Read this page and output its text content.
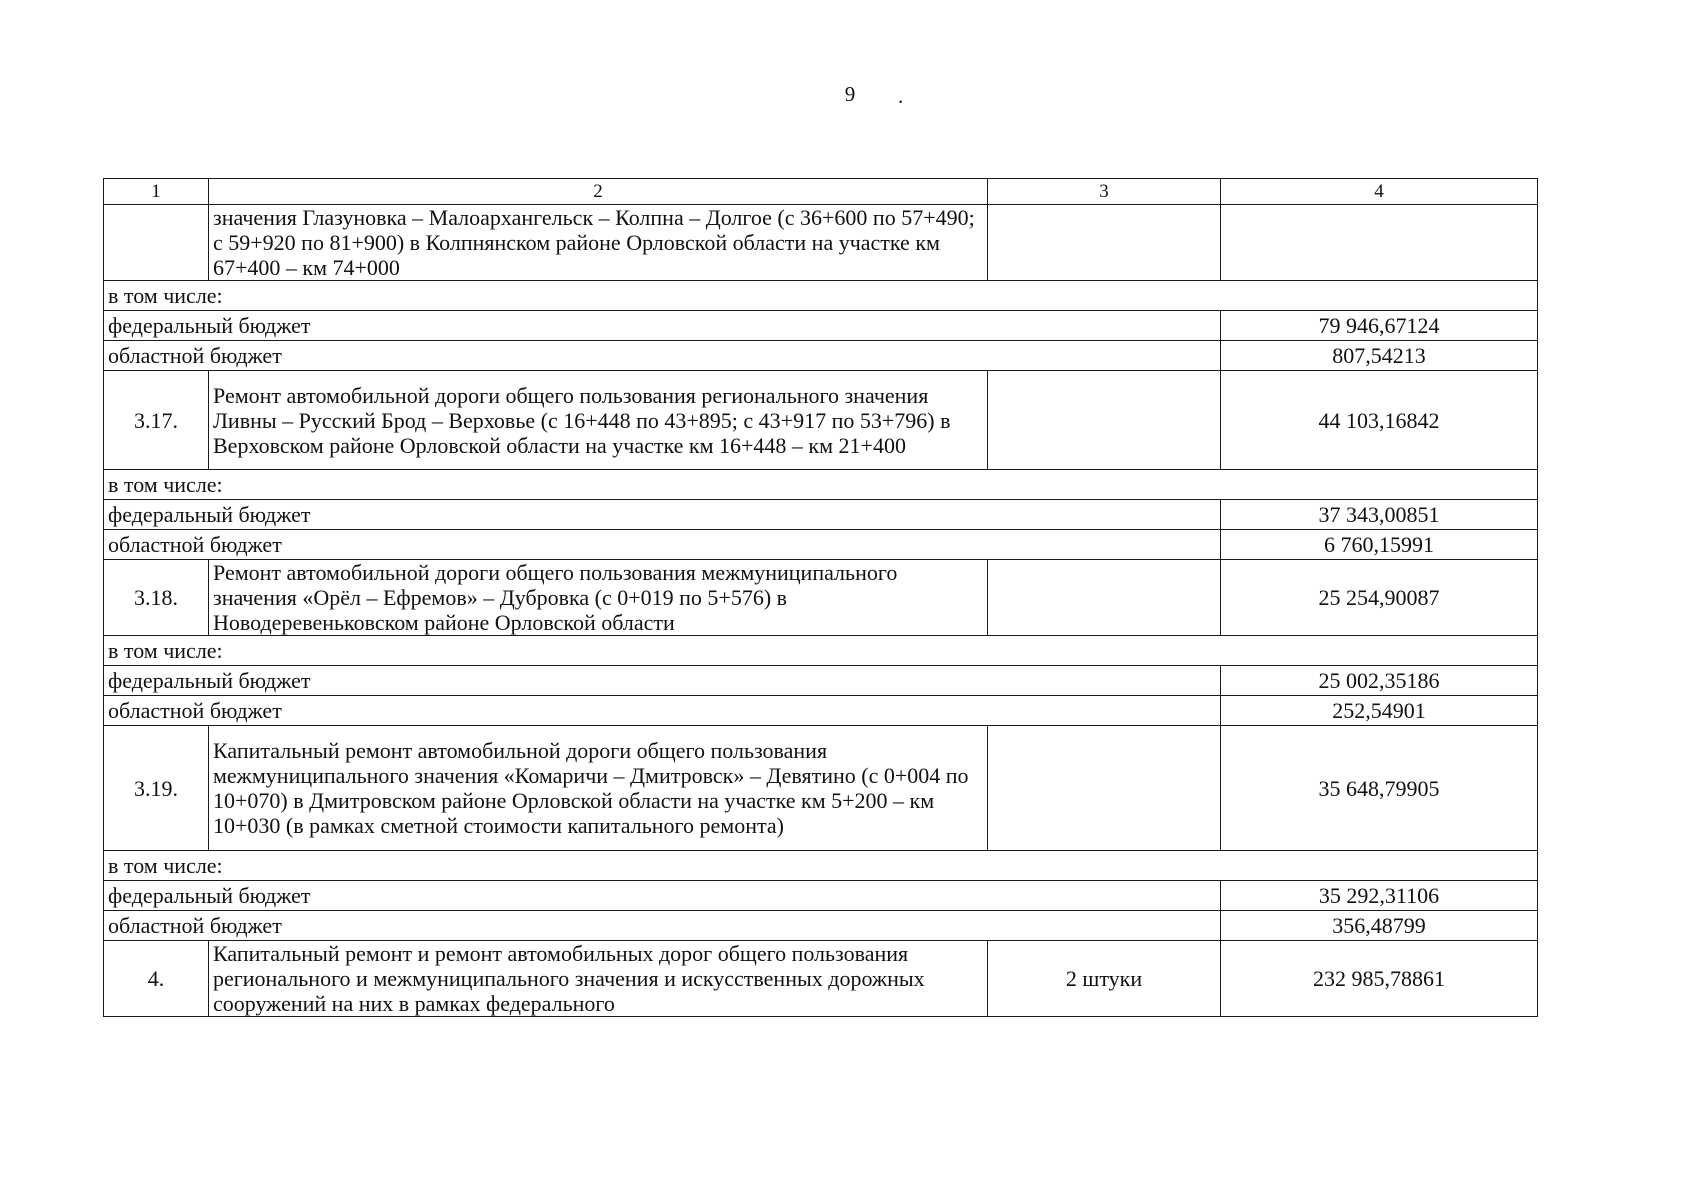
9	.
1	2	3	4
	значения Глазуновка – Малоархангельск – Колпна – Долгое (с 36+600 по 57+490; с 59+920 по 81+900) в Колпнянском районе Орловской области на участке км 67+400 – км 74+000		
в том числе:			
федеральный бюджет			79 946,67124
областной бюджет			807,54213
3.17.	Ремонт автомобильной дороги общего пользования регионального значения Ливны – Русский Брод – Верховье (с 16+448 по 43+895; с 43+917 по 53+796) в Верховском районе Орловской области на участке км 16+448 – км 21+400		44 103,16842
в том числе:			
федеральный бюджет			37 343,00851
областной бюджет			6 760,15991
3.18.	Ремонт автомобильной дороги общего пользования межмуниципального значения «Орёл – Ефремов» – Дубровка (с 0+019 по 5+576) в Новодеревеньковском районе Орловской области		25 254,90087
в том числе:			
федеральный бюджет			25 002,35186
областной бюджет			252,54901
3.19.	Капитальный ремонт автомобильной дороги общего пользования межмуниципального значения «Комаричи – Дмитровск» – Девятино (с 0+004 по 10+070) в Дмитровском районе Орловской области на участке км 5+200 – км 10+030 (в рамках сметной стоимости капитального ремонта)		35 648,79905
в том числе:			
федеральный бюджет			35 292,31106
областной бюджет			356,48799
4.	Капитальный ремонт и ремонт автомобильных дорог общего пользования регионального и межмуниципального значения и искусственных дорожных сооружений на них в рамках федерального	2 штуки	232 985,78861
